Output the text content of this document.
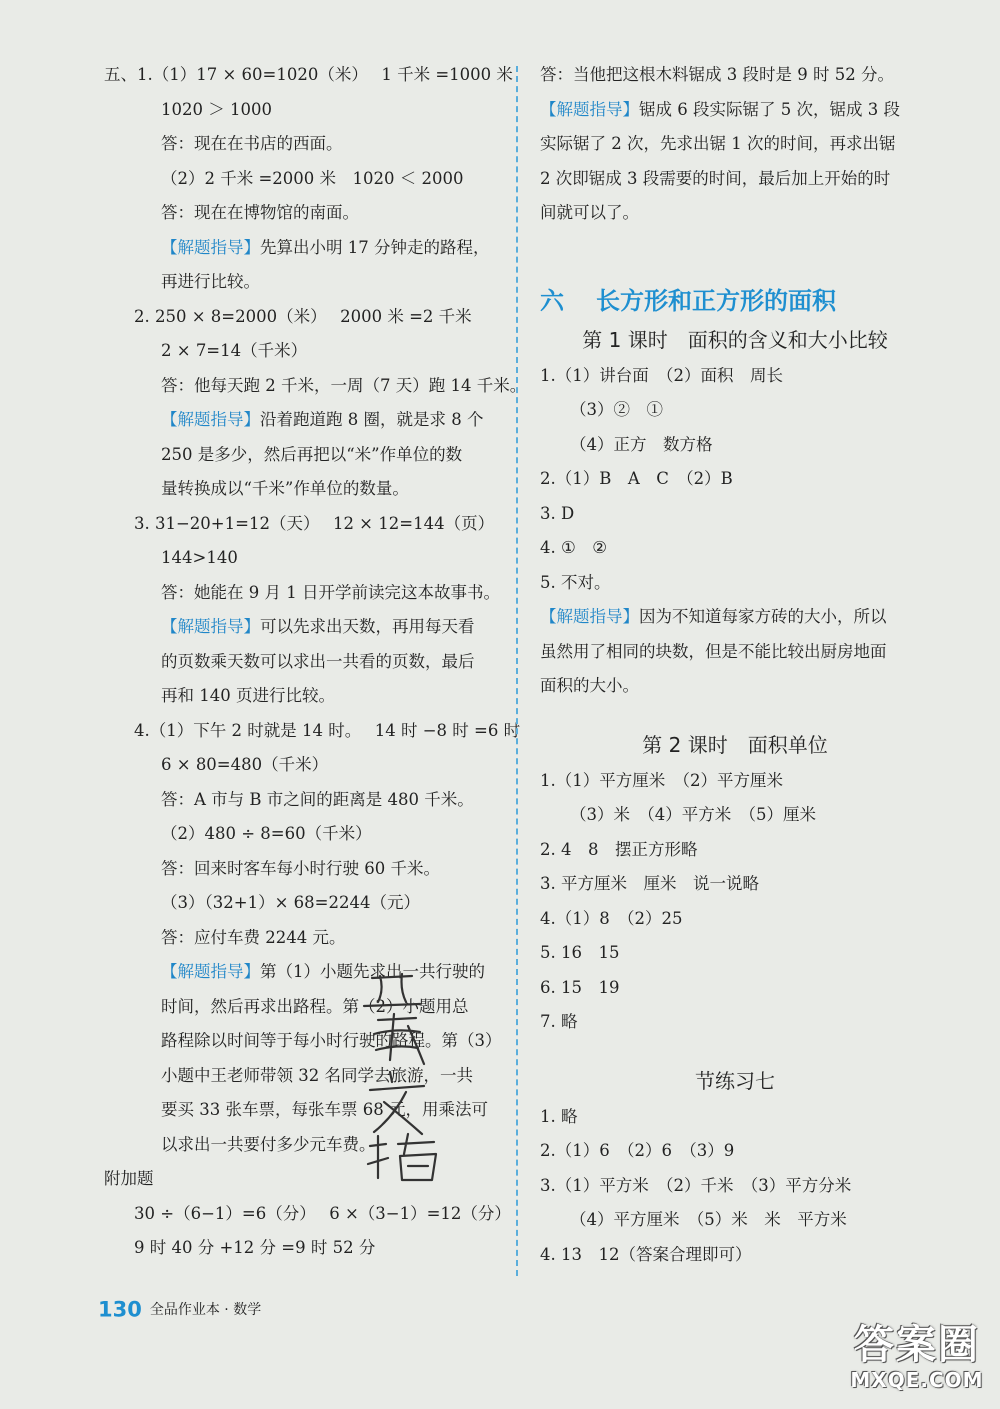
五、1.（1）17 × 60=1020（米）　 1 千米 =1000 米
1020 ＞ 1000
答：现在在书店的西面。
（2）2 千米 =2000 米　1020 ＜ 2000
答：现在在博物馆的南面。
【解题指导】先算出小明 17 分钟走的路程，
再进行比较。
2. 250 × 8=2000（米）　 2000 米 =2 千米
2 × 7=14（千米）
答：他每天跑 2 千米，一周（7 天）跑 14 千米。
【解题指导】沿着跑道跑 8 圈，就是求 8 个
250 是多少，然后再把以“米”作单位的数
量转换成以“千米”作单位的数量。
3. 31−20+1=12（天）　 12 × 12=144（页）
144>140
答：她能在 9 月 1 日开学前读完这本故事书。
【解题指导】可以先求出天数，再用每天看
的页数乘天数可以求出一共看的页数，最后
再和 140 页进行比较。
4.（1）下午 2 时就是 14 时。　 14 时 −8 时 =6 时
6 × 80=480（千米）
答：A 市与 B 市之间的距离是 480 千米。
（2）480 ÷ 8=60（千米）
答：回来时客车每小时行驶 60 千米。
（3）（32+1）× 68=2244（元）
答：应付车费 2244 元。
【解题指导】第（1）小题先求出一共行驶的
时间，然后再求出路程。第（2）小题用总
路程除以时间等于每小时行驶的路程。第（3）
小题中王老师带领 32 名同学去旅游，一共
要买 33 张车票，每张车票 68 元，用乘法可
以求出一共要付多少元车费。
附加题
30 ÷（6−1）=6（分）　 6 ×（3−1）=12（分）
9 时 40 分 +12 分 =9 时 52 分
答：当他把这根木料锯成 3 段时是 9 时 52 分。
【解题指导】锯成 6 段实际锯了 5 次，锯成 3 段
实际锯了 2 次，先求出锯 1 次的时间，再求出锯
2 次即锯成 3 段需要的时间，最后加上开始的时
间就可以了。
六 长方形和正方形的面积
第 1 课时　面积的含义和大小比较
1.（1）讲台面　（2）面积　周长
（3）②　①
（4）正方　数方格
2.（1）B　A　C　（2）B
3. D
4. ①　②
5. 不对。
【解题指导】因为不知道每家方砖的大小，所以
虽然用了相同的块数，但是不能比较出厨房地面
面积的大小。
第 2 课时　面积单位
1.（1）平方厘米　（2）平方厘米
（3）米　（4）平方米　（5）厘米
2. 4　8　摆正方形略
3. 平方厘米　厘米　说一说略
4.（1）8　（2）25
5. 16　15
6. 15　19
7. 略
节练习七
1. 略
2.（1）6　（2）6　（3）9
3.（1）平方米　（2）千米　（3）平方分米
（4）平方厘米　（5）米　米　平方米
4. 13　12（答案合理即可）
130 全品作业本 · 数学
答案圈
MXQE.COM
